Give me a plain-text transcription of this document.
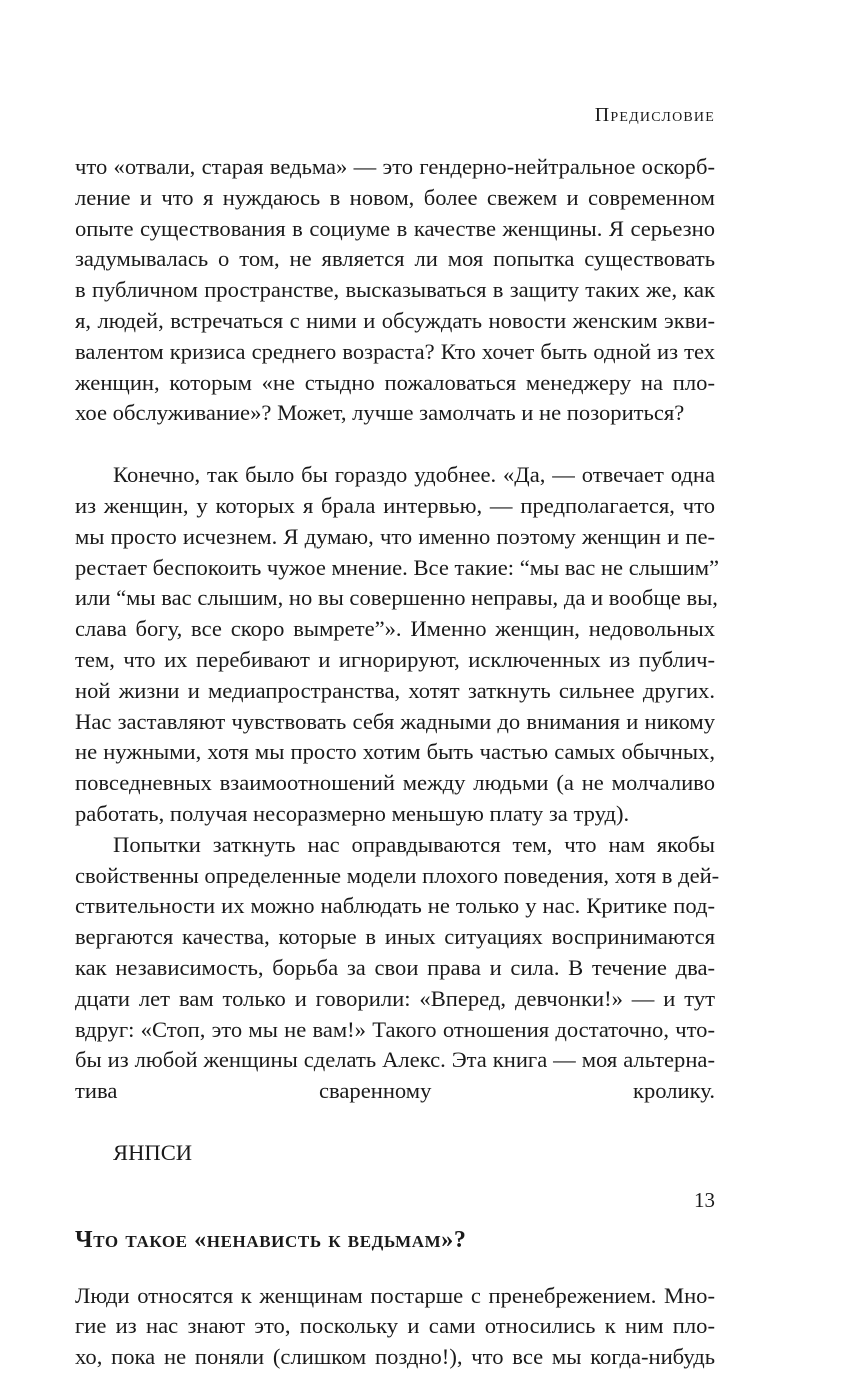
Предисловие
что «отвали, старая ведьма» — это гендерно-нейтральное оскорб-
ление и что я нуждаюсь в новом, более свежем и современном
опыте существования в социуме в качестве женщины. Я серьезно
задумывалась о том, не является ли моя попытка существовать
в публичном пространстве, высказываться в защиту таких же, как
я, людей, встречаться с ними и обсуждать новости женским экви-
валентом кризиса среднего возраста? Кто хочет быть одной из тех
женщин, которым «не стыдно пожаловаться менеджеру на пло-
хое обслуживание»? Может, лучше замолчать и не позориться?
Конечно, так было бы гораздо удобнее. «Да, — отвечает одна
из женщин, у которых я брала интервью, — предполагается, что
мы просто исчезнем. Я думаю, что именно поэтому женщин и пе-
рестает беспокоить чужое мнение. Все такие: “мы вас не слышим”
или “мы вас слышим, но вы совершенно неправы, да и вообще вы,
слава богу, все скоро вымрете”». Именно женщин, недовольных
тем, что их перебивают и игнорируют, исключенных из публич-
ной жизни и медиапространства, хотят заткнуть сильнее других.
Нас заставляют чувствовать себя жадными до внимания и никому
не нужными, хотя мы просто хотим быть частью самых обычных,
повседневных взаимоотношений между людьми (а не молчаливо
работать, получая несоразмерно меньшую плату за труд).
Попытки заткнуть нас оправдываются тем, что нам якобы
свойственны определенные модели плохого поведения, хотя в дей-
ствительности их можно наблюдать не только у нас. Критике под-
вергаются качества, которые в иных ситуациях воспринимаются
как независимость, борьба за свои права и сила. В течение два-
дцати лет вам только и говорили: «Вперед, девчонки!» — и тут
вдруг: «Стоп, это мы не вам!» Такого отношения достаточно, что-
бы из любой женщины сделать Алекс. Эта книга — моя альтерна-
тива сваренному кролику.
ЯНПСИ
Что такое «ненависть к ведьмам»?
Люди относятся к женщинам постарше с пренебрежением. Мно-
гие из нас знают это, поскольку и сами относились к ним пло-
хо, пока не поняли (слишком поздно!), что все мы когда-нибудь
13
